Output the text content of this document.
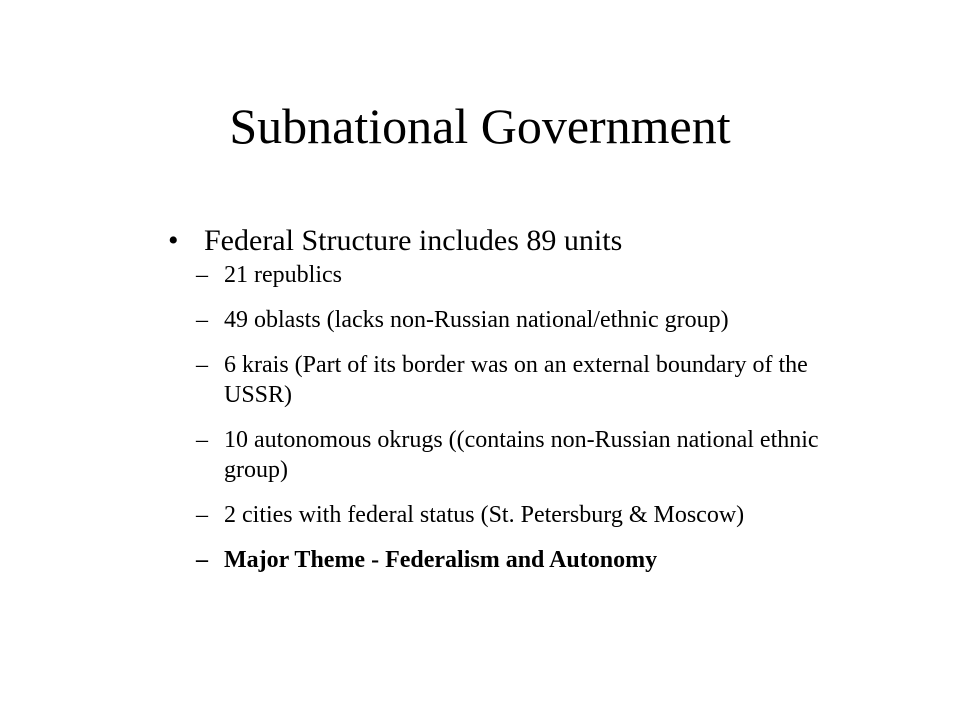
Subnational Government
• Federal Structure includes 89 units
– 21 republics
– 49 oblasts (lacks non-Russian national/ethnic group)
– 6 krais (Part of its border was on an external boundary of the USSR)
– 10 autonomous okrugs ((contains non-Russian national ethnic group)
– 2 cities with federal status (St. Petersburg & Moscow)
– Major Theme - Federalism and Autonomy
